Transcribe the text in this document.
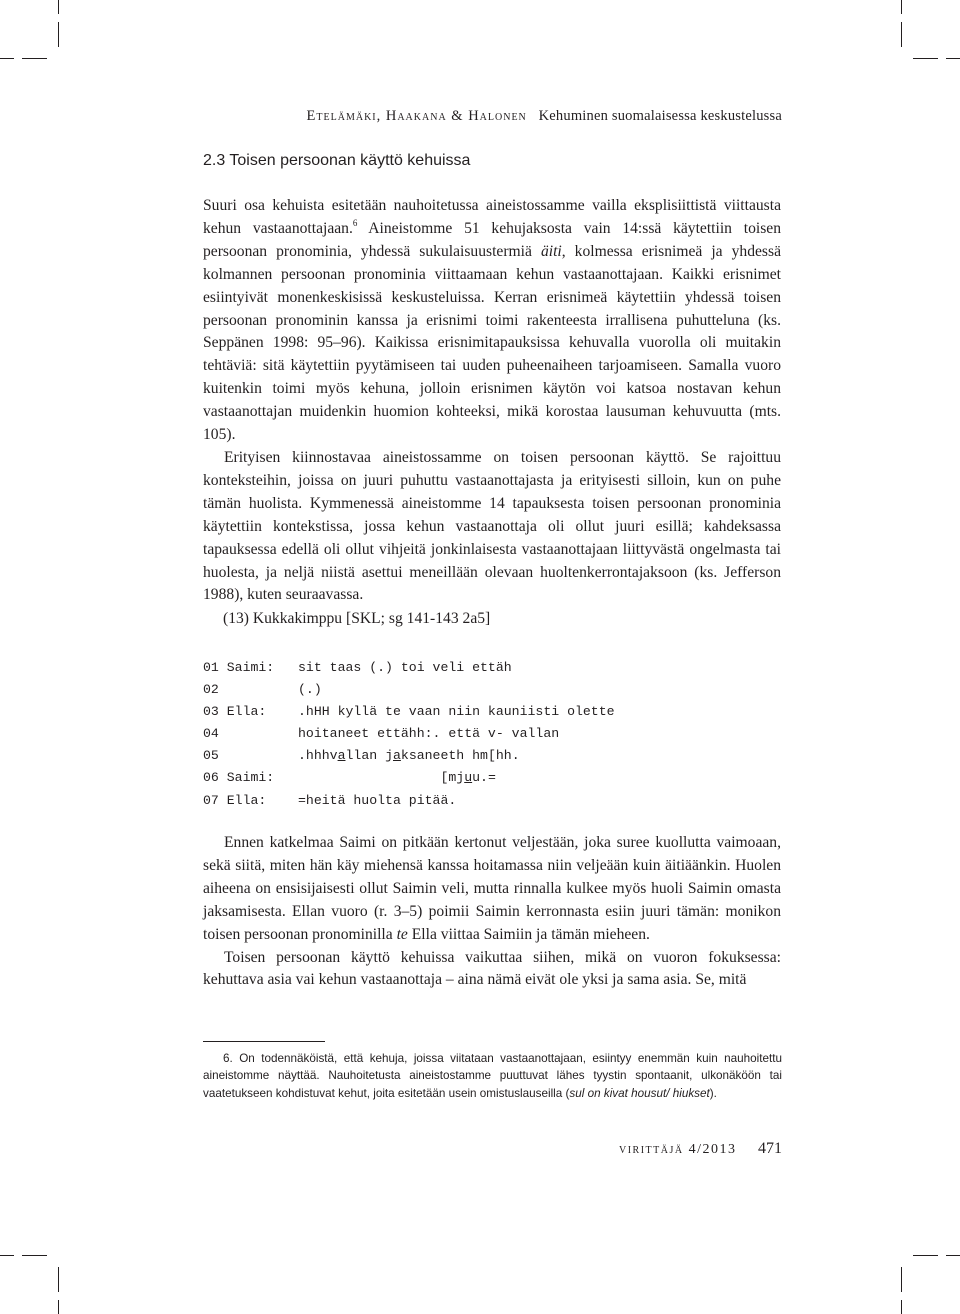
Etelämäki, Haakana & Halonen Kehuminen suomalaisessa keskustelussa
2.3 Toisen persoonan käyttö kehuissa

Suuri osa kehuista esitetään nauhoitetussa aineistossamme vailla eksplisiittistä viittausta kehun vastaanottajaan.$^6$ Aineistomme 51 kehujaksosta vain 14:ssä käytettiin toisen persoonan pronominia, yhdessä sukulaisuustermiä äiti, kolmessa erisnimeä ja yhdessä kolmannen persoonan pronominia viittaamaan kehun vastaanottajaan. Kaikki erisnimet esiintyivät monenkeskisissä keskusteluissa. Kerran erisnimeä käytettiin yhdessä toisen persoonan pronominin kanssa ja erisnimi toimi rakenteesta irrallisena puhutteluna (ks. Seppänen 1998: 95–96). Kaikissa erisnimitapauksissa kehuvalla vuorolla oli muitakin tehtäviä: sitä käytettiin pyytämiseen tai uuden puheenaiheen tarjoamiseen. Samalla vuoro kuitenkin toimi myös kehuna, jolloin erisnimen käytön voi katsoa nostavan kehun vastaanottajan muidenkin huomion kohteeksi, mikä korostaa lausuman kehuvuutta (mts. 105).

Erityisen kiinnostavaa aineistossamme on toisen persoonan käyttö. Se rajoittuu konteksteihin, joissa on juuri puhuttu vastaanottajasta ja erityisesti silloin, kun on puhe tämän huolista. Kymmenessä aineistomme 14 tapauksesta toisen persoonan pronominia käytettiin kontekstissa, jossa kehun vastaanottaja oli ollut juuri esillä; kahdeksassa tapauksessa edellä oli ollut vihjeitä jonkinlaisesta vastaanottajaan liittyvästä ongelmasta tai huolesta, ja neljä niistä asettui meneillään olevaan huoltenkerrontajaksoon (ks. Jefferson 1988), kuten seuraavassa.

(13) Kukkakimppu [SKL; sg 141-143 2a5]
01 Saimi: sit taas (.) toi veli ettäh
02	(.)
03 Ella: .hHH kyllä te vaan niin kauniisti olette
04	hoitaneet ettähh:. että v- vallan
05	.hhhvallan jaksaneeth hm[hh.
06 Saimi:                  [mjuu.=
07 Ella: =heitä huolta pitää.

Ennen katkelmaa Saimi on pitkään kertonut veljestään, joka suree kuollutta vaimoaan, sekä siitä, miten hän käy miehensä kanssa hoitamassa niin veljeään kuin äitiäänkin. Huolen aiheena on ensisijaisesti ollut Saimin veli, mutta rinnalla kulkee myös huoli Saimin omasta jaksamisesta. Ellan vuoro (r. 3–5) poimii Saimin kerronnasta esiin juuri tämän: monikon toisen persoonan pronominilla te Ella viittaa Saimiin ja tämän mieheen.

Toisen persoonan käyttö kehuissa vaikuttaa siihen, mikä on vuoron fokuksessa: kehuttava asia vai kehun vastaanottaja – aina nämä eivät ole yksi ja sama asia. Se, mitä

6. On todennäköistä, että kehuja, joissa viitataan vastaanottajaan, esiintyy enemmän kuin nauhoitettu aineistomme näyttää. Nauhoitetusta aineistostamme puuttuvat lähes tyystin spontaanit, ulkonäköön tai vaatetukseen kohdistuvat kehut, joita esitetään usein omistuslauseilla (sul on kivat housut/ hiukset).

virittäjä 4/2013 471
